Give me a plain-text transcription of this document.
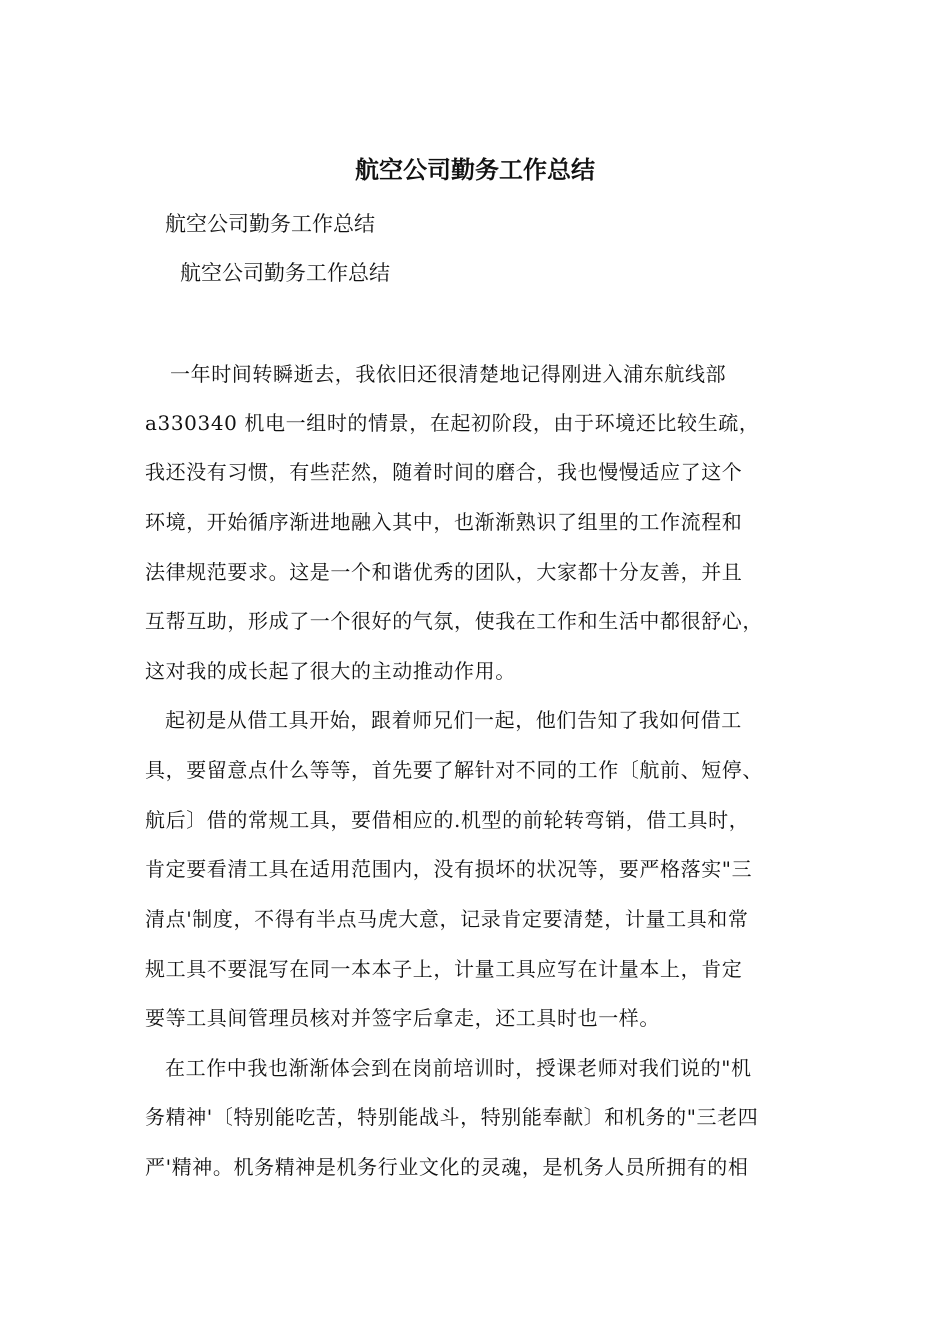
航空公司勤务工作总结
航空公司勤务工作总结
航空公司勤务工作总结
一年时间转瞬逝去，我依旧还很清楚地记得刚进入浦东航线部
a330340 机电一组时的情景，在起初阶段，由于环境还比较生疏，
我还没有习惯，有些茫然，随着时间的磨合，我也慢慢适应了这个
环境，开始循序渐进地融入其中，也渐渐熟识了组里的工作流程和
法律规范要求。这是一个和谐优秀的团队，大家都十分友善，并且
互帮互助，形成了一个很好的气氛，使我在工作和生活中都很舒心，
这对我的成长起了很大的主动推动作用。
起初是从借工具开始，跟着师兄们一起，他们告知了我如何借工
具，要留意点什么等等，首先要了解针对不同的工作〔航前、短停、
航后〕借的常规工具，要借相应的.机型的前轮转弯销，借工具时，
肯定要看清工具在适用范围内，没有损坏的状况等，要严格落实"三
清点'制度，不得有半点马虎大意，记录肯定要清楚，计量工具和常
规工具不要混写在同一本本子上，计量工具应写在计量本上，肯定
要等工具间管理员核对并签字后拿走，还工具时也一样。
在工作中我也渐渐体会到在岗前培训时，授课老师对我们说的"机
务精神'〔特别能吃苦，特别能战斗，特别能奉献〕和机务的"三老四
严'精神。机务精神是机务行业文化的灵魂，是机务人员所拥有的相
